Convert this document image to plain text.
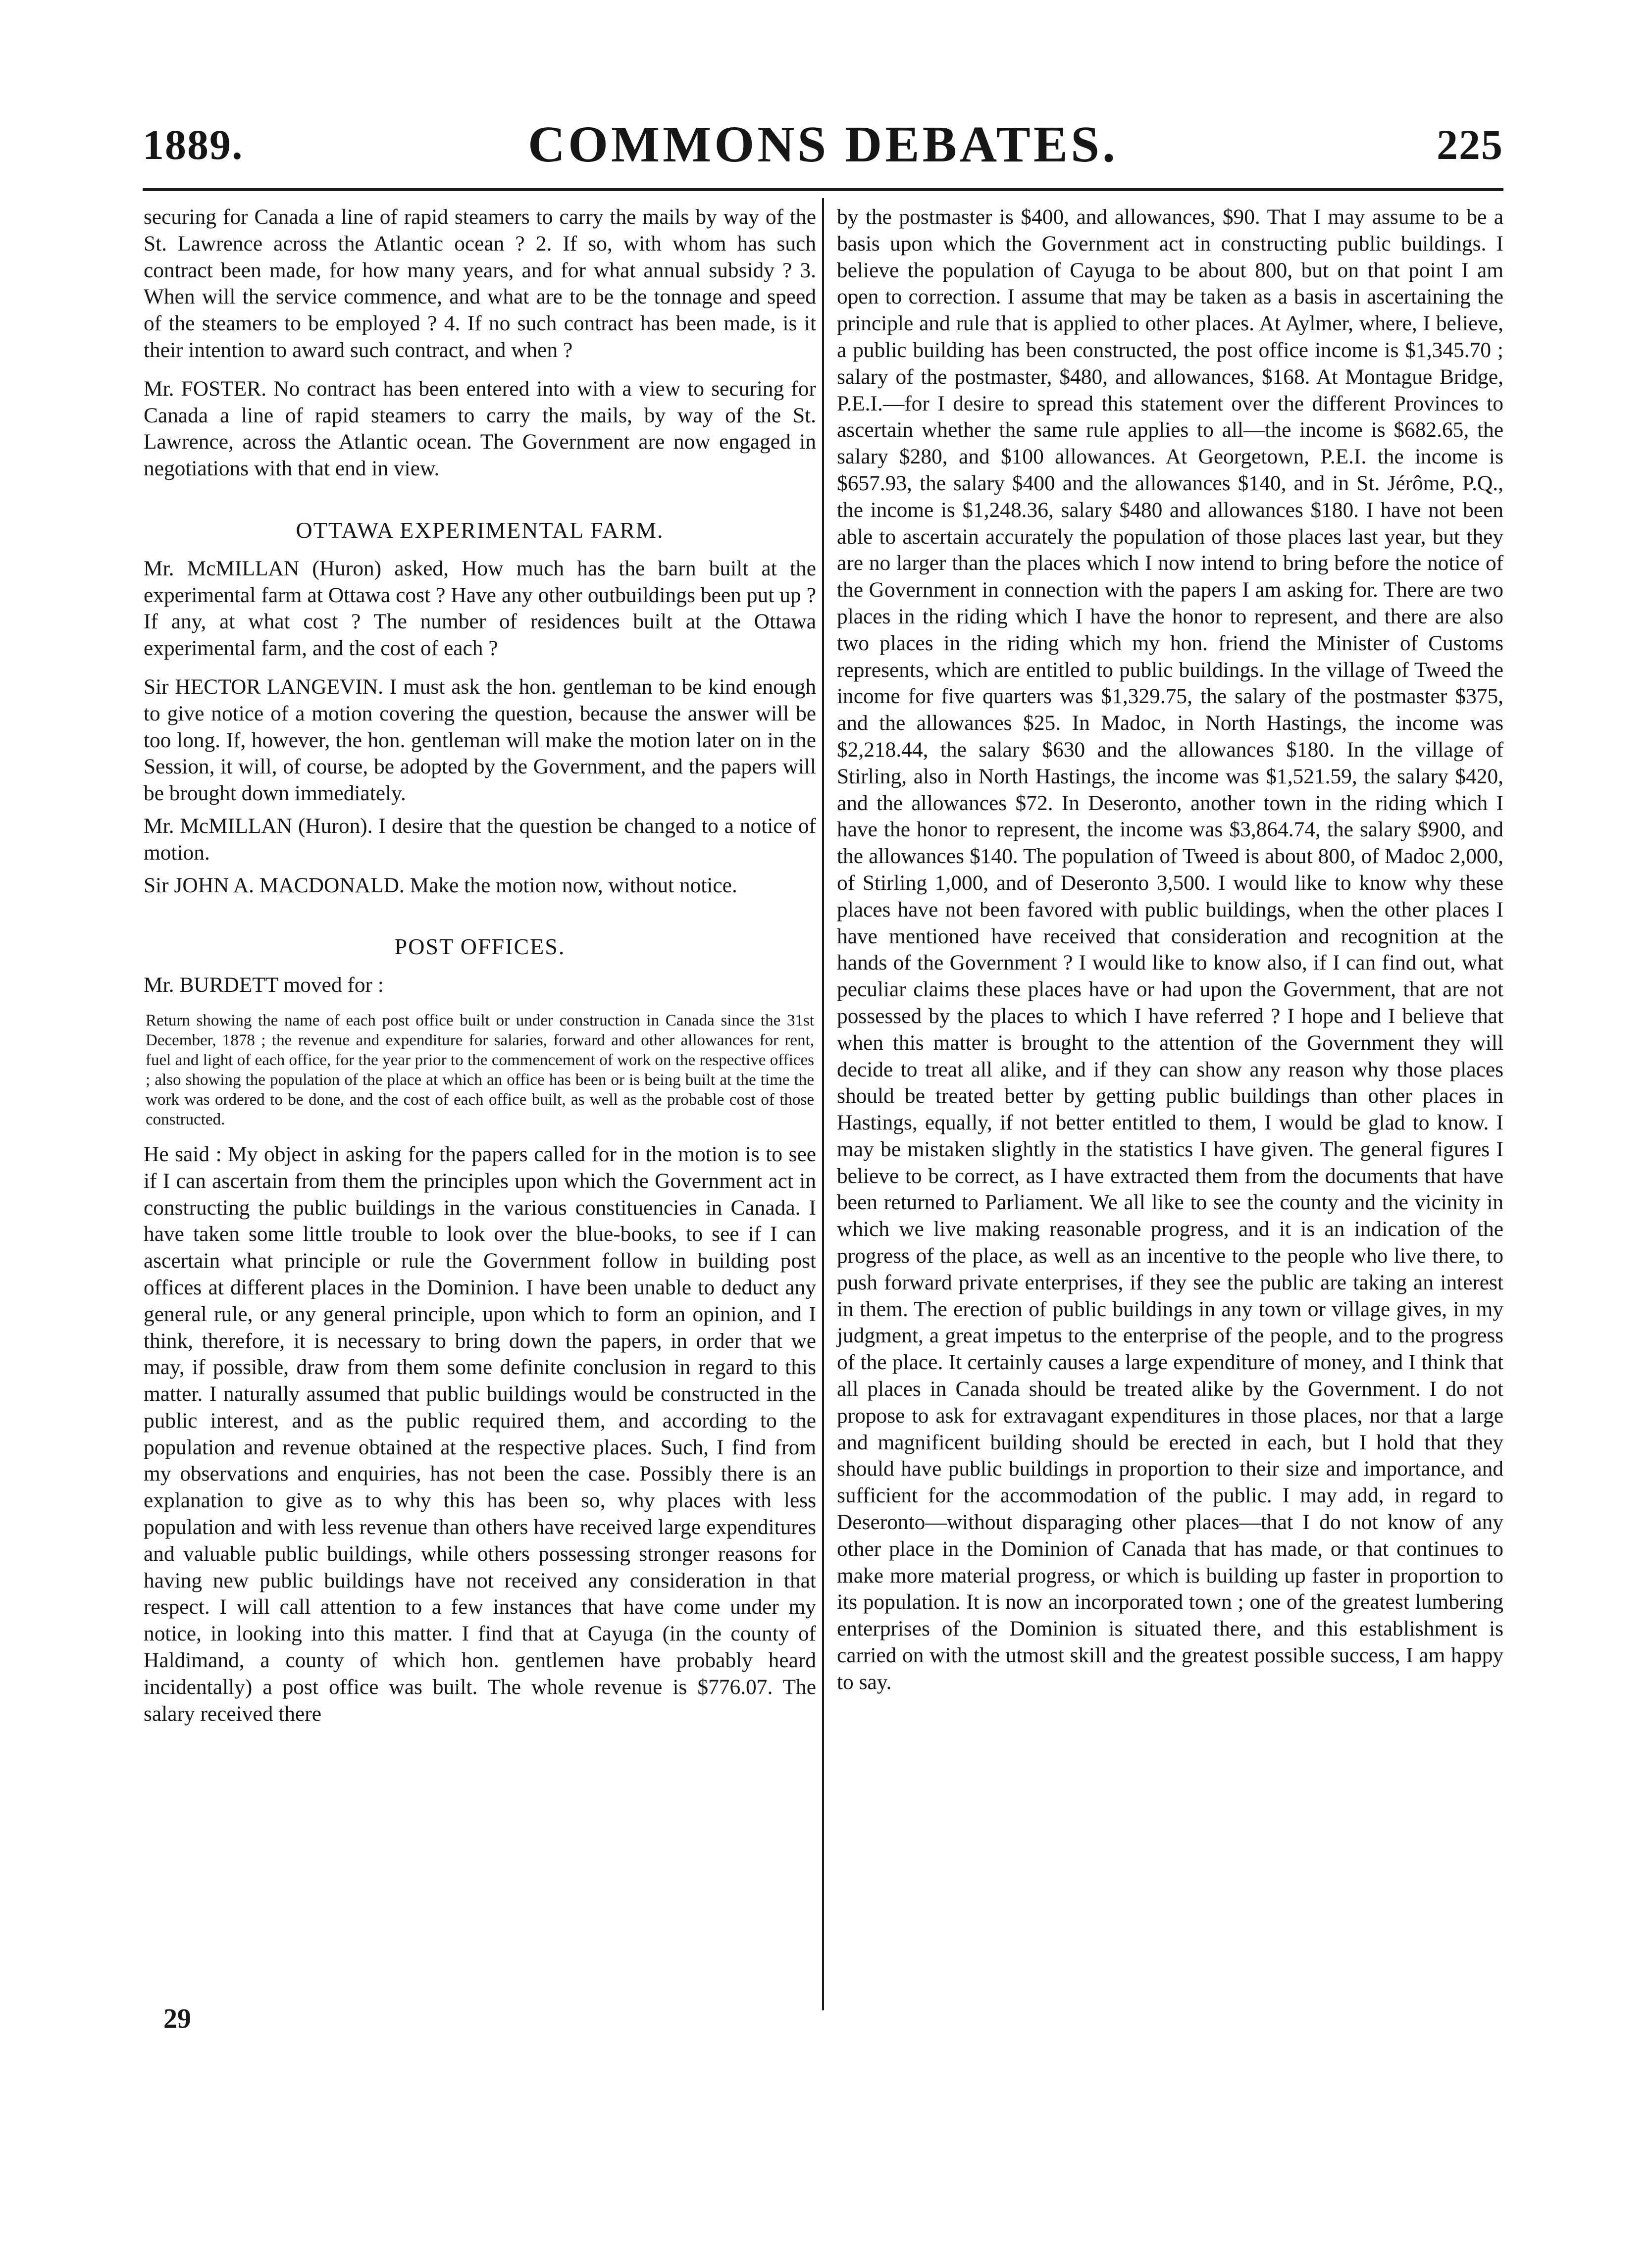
1889.	COMMONS DEBATES.	225

securing for Canada a line of rapid steamers to carry the mails by way of the St. Lawrence across the Atlantic ocean ? 2. If so, with whom has such contract been made, for how many years, and for what annual subsidy ? 3. When will the service commence, and what are to be the tonnage and speed of the steamers to be employed ? 4. If no such contract has been made, is it their intention to award such contract, and when ?

Mr. FOSTER. No contract has been entered into with a view to securing for Canada a line of rapid steamers to carry the mails, by way of the St. Lawrence, across the Atlantic ocean. The Government are now engaged in negotiations with that end in view.

OTTAWA EXPERIMENTAL FARM.

Mr. McMILLAN (Huron) asked, How much has the barn built at the experimental farm at Ottawa cost ? Have any other outbuildings been put up ? If any, at what cost ? The number of residences built at the Ottawa experimental farm, and the cost of each ?

Sir HECTOR LANGEVIN. I must ask the hon. gentleman to be kind enough to give notice of a motion covering the question, because the answer will be too long. If, however, the hon. gentleman will make the motion later on in the Session, it will, of course, be adopted by the Government, and the papers will be brought down immediately.

Mr. McMILLAN (Huron). I desire that the question be changed to a notice of motion.

Sir JOHN A. MACDONALD. Make the motion now, without notice.

POST OFFICES.

Mr. BURDETT moved for :

Return showing the name of each post office built or under construction in Canada since the 31st December, 1878 ; the revenue and expenditure for salaries, forward and other allowances for rent, fuel and light of each office, for the year prior to the commencement of work on the respective offices ; also showing the population of the place at which an office has been or is being built at the time the work was ordered to be done, and the cost of each office built, as well as the probable cost of those constructed.

He said : My object in asking for the papers called for in the motion is to see if I can ascertain from them the principles upon which the Government act in constructing the public buildings in the various constituencies in Canada. I have taken some little trouble to look over the blue-books, to see if I can ascertain what principle or rule the Government follow in building post offices at different places in the Dominion. I have been unable to deduct any general rule, or any general principle, upon which to form an opinion, and I think, therefore, it is necessary to bring down the papers, in order that we may, if possible, draw from them some definite conclusion in regard to this matter. I naturally assumed that public buildings would be constructed in the public interest, and as the public required them, and according to the population and revenue obtained at the respective places. Such, I find from my observations and enquiries, has not been the case. Possibly there is an explanation to give as to why this has been so, why places with less population and with less revenue than others have received large expenditures and valuable public buildings, while others possessing stronger reasons for having new public buildings have not received any consideration in that respect. I will call attention to a few instances that have come under my notice, in looking into this matter. I find that at Cayuga (in the county of Haldimand, a county of which hon. gentlemen have probably heard incidentally) a post office was built. The whole revenue is $776.07. The salary received there

by the postmaster is $400, and allowances, $90. That I may assume to be a basis upon which the Government act in constructing public buildings. I believe the population of Cayuga to be about 800, but on that point I am open to correction. I assume that may be taken as a basis in ascertaining the principle and rule that is applied to other places. At Aylmer, where, I believe, a public building has been constructed, the post office income is $1,345.70 ; salary of the postmaster, $480, and allowances, $168. At Montague Bridge, P.E.I.—for I desire to spread this statement over the different Provinces to ascertain whether the same rule applies to all—the income is $682.65, the salary $280, and $100 allowances. At Georgetown, P.E.I. the income is $657.93, the salary $400 and the allowances $140, and in St. Jérôme, P.Q., the income is $1,248.36, salary $480 and allowances $180. I have not been able to ascertain accurately the population of those places last year, but they are no larger than the places which I now intend to bring before the notice of the Government in connection with the papers I am asking for. There are two places in the riding which I have the honor to represent, and there are also two places in the riding which my hon. friend the Minister of Customs represents, which are entitled to public buildings. In the village of Tweed the income for five quarters was $1,329.75, the salary of the postmaster $375, and the allowances $25. In Madoc, in North Hastings, the income was $2,218.44, the salary $630 and the allowances $180. In the village of Stirling, also in North Hastings, the income was $1,521.59, the salary $420, and the allowances $72. In Deseronto, another town in the riding which I have the honor to represent, the income was $3,864.74, the salary $900, and the allowances $140. The population of Tweed is about 800, of Madoc 2,000, of Stirling 1,000, and of Deseronto 3,500. I would like to know why these places have not been favored with public buildings, when the other places I have mentioned have received that consideration and recognition at the hands of the Government ? I would like to know also, if I can find out, what peculiar claims these places have or had upon the Government, that are not possessed by the places to which I have referred ? I hope and I believe that when this matter is brought to the attention of the Government they will decide to treat all alike, and if they can show any reason why those places should be treated better by getting public buildings than other places in Hastings, equally, if not better entitled to them, I would be glad to know. I may be mistaken slightly in the statistics I have given. The general figures I believe to be correct, as I have extracted them from the documents that have been returned to Parliament. We all like to see the county and the vicinity in which we live making reasonable progress, and it is an indication of the progress of the place, as well as an incentive to the people who live there, to push forward private enterprises, if they see the public are taking an interest in them. The erection of public buildings in any town or village gives, in my judgment, a great impetus to the enterprise of the people, and to the progress of the place. It certainly causes a large expenditure of money, and I think that all places in Canada should be treated alike by the Government. I do not propose to ask for extravagant expenditures in those places, nor that a large and magnificent building should be erected in each, but I hold that they should have public buildings in proportion to their size and importance, and sufficient for the accommodation of the public. I may add, in regard to Deseronto—without disparaging other places—that I do not know of any other place in the Dominion of Canada that has made, or that continues to make more material progress, or which is building up faster in proportion to its population. It is now an incorporated town ; one of the greatest lumbering enterprises of the Dominion is situated there, and this establishment is carried on with the utmost skill and the greatest possible success, I am happy to say.

29
